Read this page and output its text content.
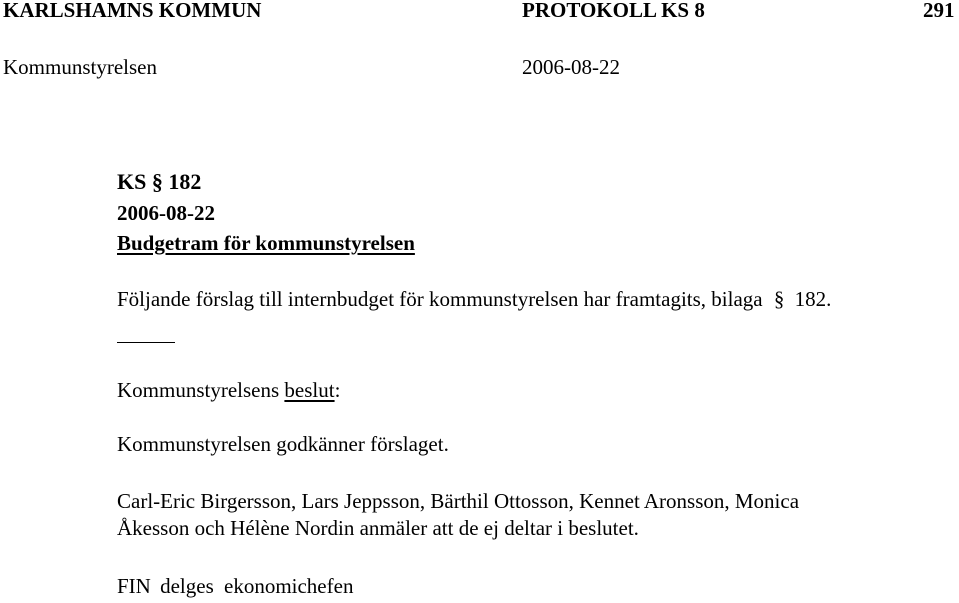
KARLSHAMNS KOMMUN	PROTOKOLL KS 8	291
Kommunstyrelsen	2006-08-22
KS § 182
2006-08-22
Budgetram för kommunstyrelsen
Följande förslag till internbudget för kommunstyrelsen har framtagits, bilaga § 182.
Kommunstyrelsens beslut:
Kommunstyrelsen godkänner förslaget.
Carl-Eric Birgersson, Lars Jeppsson, Bärthil Ottosson, Kennet Aronsson, Monica
Åkesson och Hélène Nordin anmäler att de ej deltar i beslutet.
FIN delges ekonomichefen
